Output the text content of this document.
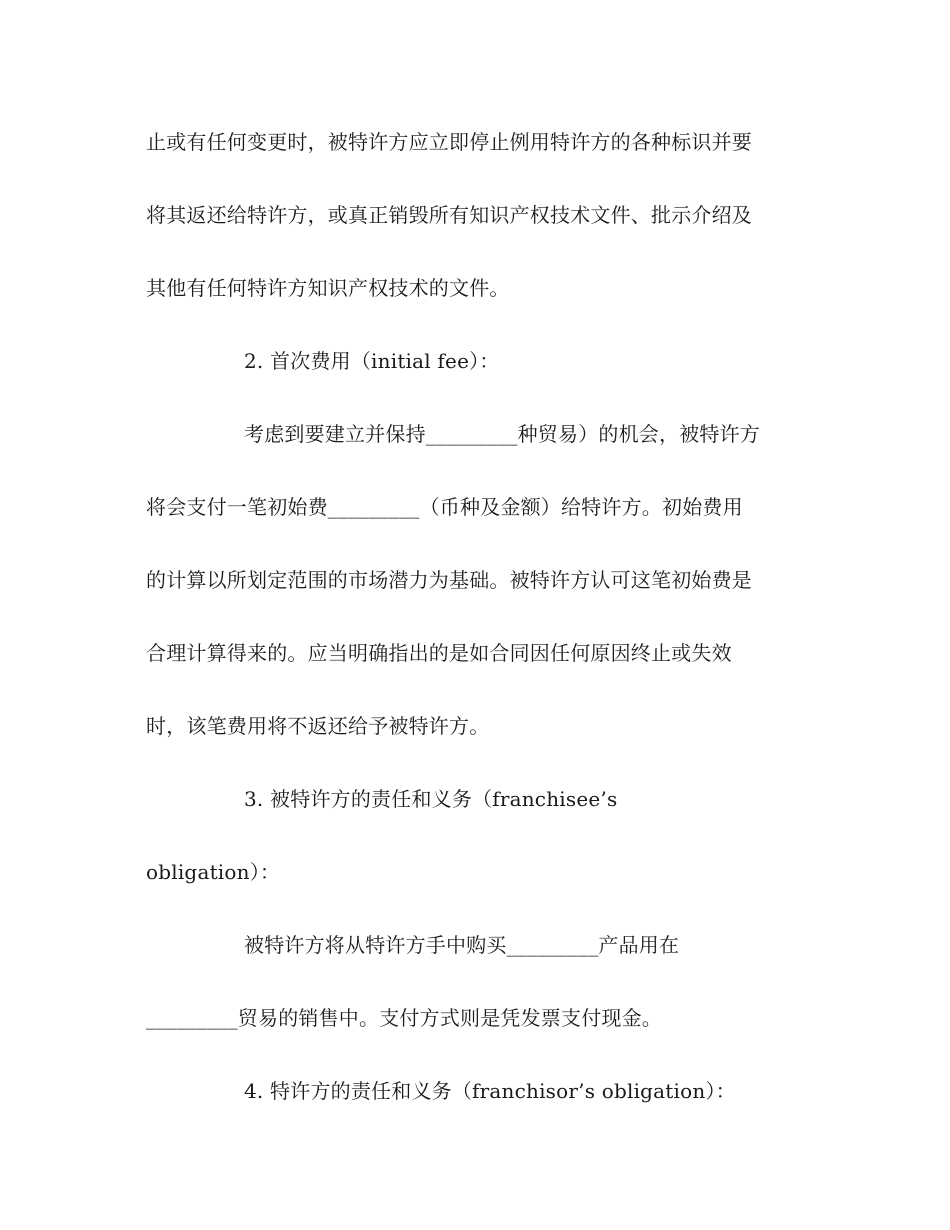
止或有任何变更时，被特许方应立即停止例用特许方的各种标识并要
将其返还给特许方，或真正销毁所有知识产权技术文件、批示介绍及
其他有任何特许方知识产权技术的文件。
2. 首次费用（initial fee）：
考虑到要建立并保持_________种贸易）的机会，被特许方
将会支付一笔初始费_________（币种及金额）给特许方。初始费用
的计算以所划定范围的市场潜力为基础。被特许方认可这笔初始费是
合理计算得来的。应当明确指出的是如合同因任何原因终止或失效
时，该笔费用将不返还给予被特许方。
3. 被特许方的责任和义务（franchisee’s
obligation）：
被特许方将从特许方手中购买_________产品用在
_________贸易的销售中。支付方式则是凭发票支付现金。
4. 特许方的责任和义务（franchisor’s obligation）：
